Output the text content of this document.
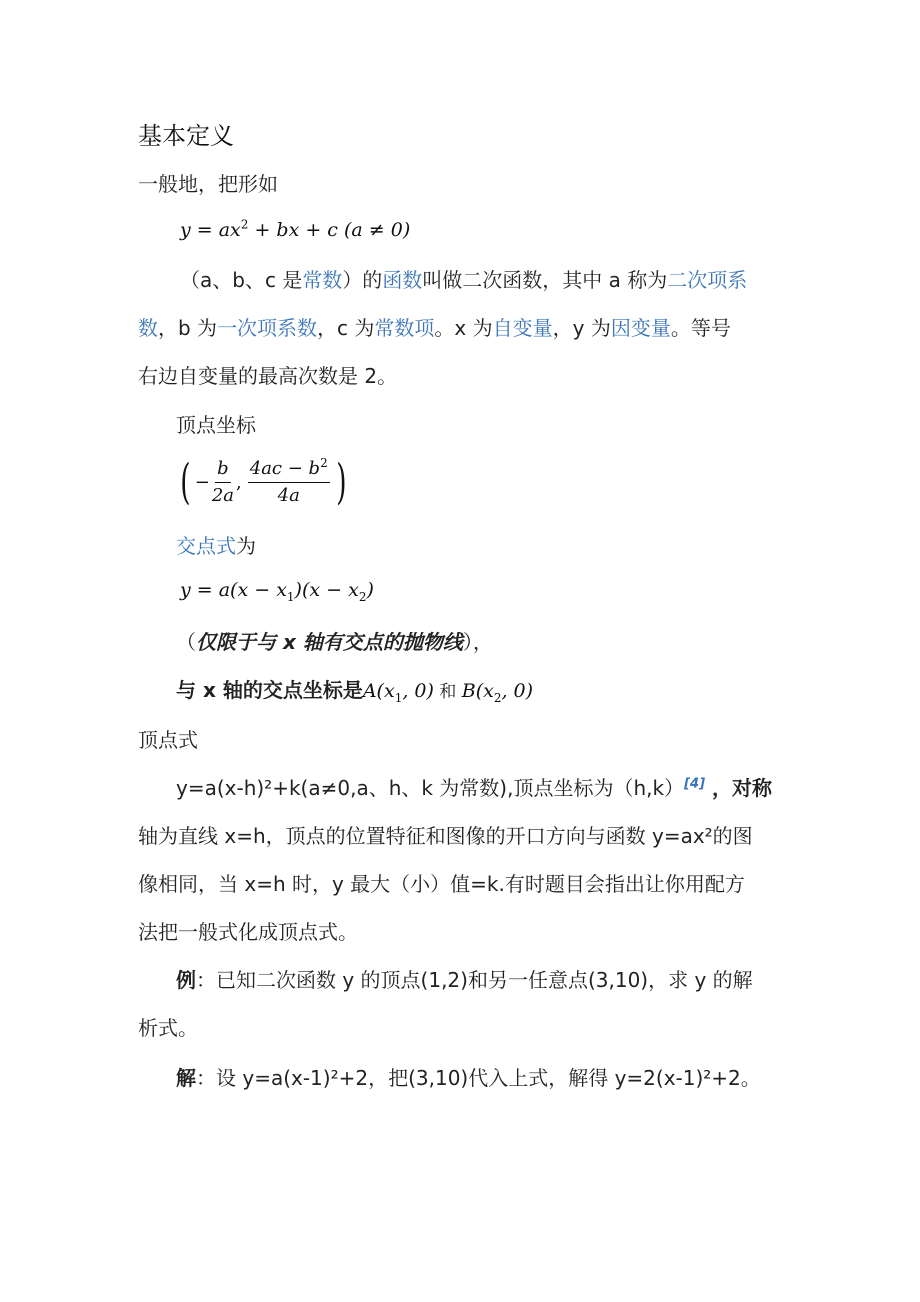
基本定义
一般地，把形如
$y = ax^2$ + bx + c (a ≠ 0)
（a、b、c 是常数）的函数叫做二次函数，其中 a 称为二次项系
数，b 为一次项系数，c 为常数项。x 为自变量，y 为因变量。等号
右边自变量的最高次数是 2。
顶点坐标
( − $\frac{b}{2a}$ , $\frac{4ac - b^2}{4a}$ )
交点式为
$y = a(x - x_1)(x - x_2)$
（仅限于与 x 轴有交点的抛物线），
与 x 轴的交点坐标是$A(x_1$, 0) 和 $B(x_2$, 0)
顶点式
y=a(x-h)²+k(a≠0,a、h、k 为常数),顶点坐标为（h,k）[4] ，对称
轴为直线 x=h，顶点的位置特征和图像的开口方向与函数 y=ax²的图
像相同，当 x=h 时，y 最大（小）值=k.有时题目会指出让你用配方
法把一般式化成顶点式。
例：已知二次函数 y 的顶点(1,2)和另一任意点(3,10)，求 y 的解
析式。
解：设 y=a(x-1)²+2，把(3,10)代入上式，解得 y=2(x-1)²+2。
